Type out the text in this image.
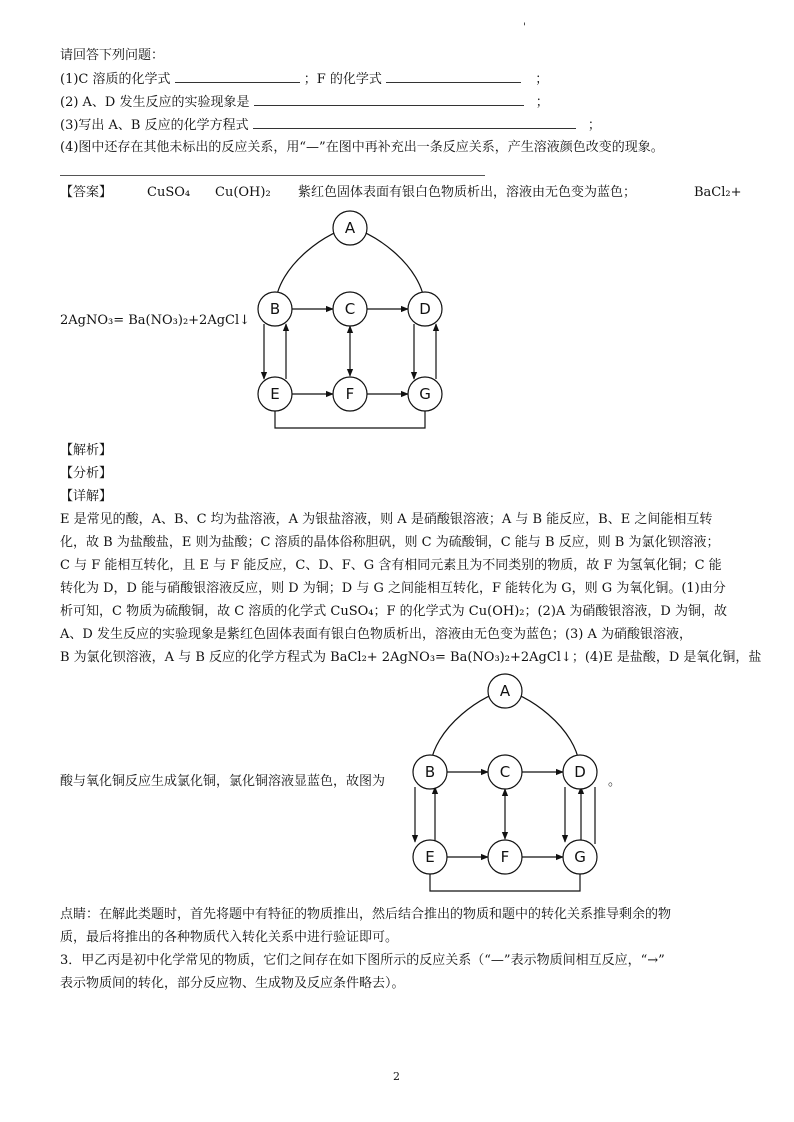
'
请回答下列问题：
(1)C 溶质的化学式	；F 的化学式	；
(2) A、D 发生反应的实验现象是	；
(3)写出 A、B 反应的化学方程式	；
(4)图中还存在其他未标出的反应关系，用“—”在图中再补充出一条反应关系，产生溶液颜色改变的现象。
【答案】	CuSO₄ Cu(OH)₂ 紫红色固体表面有银白色物质析出，溶液由无色变为蓝色；	BaCl₂+
2AgNO₃= Ba(NO₃)₂+2AgCl↓
A
B	C	D
E	F	G
【解析】
【分析】
【详解】
E 是常见的酸，A、B、C 均为盐溶液，A 为银盐溶液，则 A 是硝酸银溶液；A 与 B 能反应，B、E 之间能相互转
化，故 B 为盐酸盐，E 则为盐酸；C 溶质的晶体俗称胆矾，则 C 为硫酸铜，C 能与 B 反应，则 B 为氯化钡溶液；
C 与 F 能相互转化，且 E 与 F 能反应，C、D、F、G 含有相同元素且为不同类别的物质，故 F 为氢氧化铜；C 能
转化为 D，D 能与硝酸银溶液反应，则 D 为铜；D 与 G 之间能相互转化，F 能转化为 G，则 G 为氧化铜。(1)由分
析可知，C 物质为硫酸铜，故 C 溶质的化学式 CuSO₄；F 的化学式为 Cu(OH)₂；(2)A 为硝酸银溶液，D 为铜，故
A、D 发生反应的实验现象是紫红色固体表面有银白色物质析出，溶液由无色变为蓝色；(3) A 为硝酸银溶液，
B 为氯化钡溶液，A 与 B 反应的化学方程式为 BaCl₂+ 2AgNO₃= Ba(NO₃)₂+2AgCl↓；(4)E 是盐酸，D 是氧化铜，盐
酸与氧化铜反应生成氯化铜，氯化铜溶液显蓝色，故图为	。
A
B	C	D
E	F	G
点睛：在解此类题时，首先将题中有特征的物质推出，然后结合推出的物质和题中的转化关系推导剩余的物
质，最后将推出的各种物质代入转化关系中进行验证即可。
3．甲乙丙是初中化学常见的物质，它们之间存在如下图所示的反应关系（“—”表示物质间相互反应，“→”
表示物质间的转化，部分反应物、生成物及反应条件略去）。
2
